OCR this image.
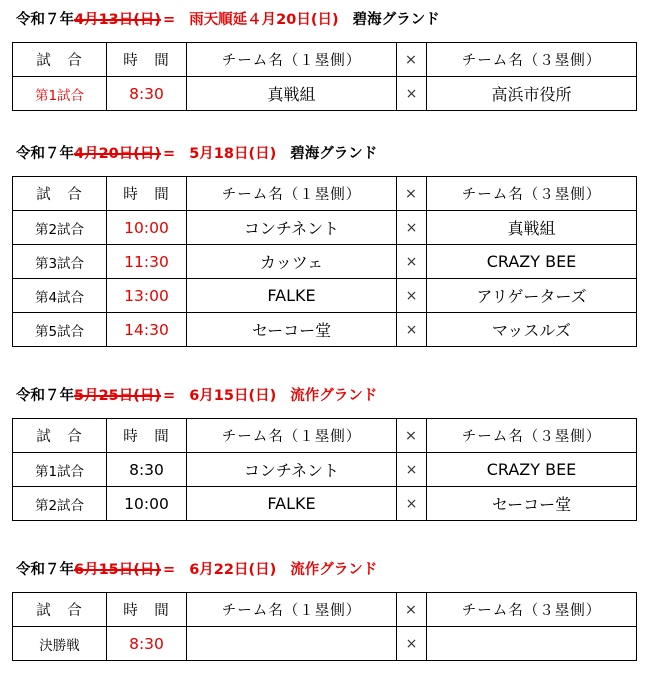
令和７年4月13日(日) = 雨天順延４月20日(日) 碧海グランド
試　合	時　間	チーム名（１塁側）	×	チーム名（３塁側）
第1試合	8:30	真戦組	×	高浜市役所
令和７年4月20日(日) = 5月18日(日) 碧海グランド
試　合	時　間	チーム名（１塁側）	×	チーム名（３塁側）
第2試合	10:00	コンチネント	×	真戦組
第3試合	11:30	カッツェ	×	CRAZY BEE
第4試合	13:00	FALKE	×	アリゲーターズ
第5試合	14:30	セーコー堂	×	マッスルズ
令和７年5月25日(日) = 6月15日(日) 流作グランド
試　合	時　間	チーム名（１塁側）	×	チーム名（３塁側）
第1試合	8:30	コンチネント	×	CRAZY BEE
第2試合	10:00	FALKE	×	セーコー堂
令和７年6月15日(日) = 6月22日(日) 流作グランド
試　合	時　間	チーム名（１塁側）	×	チーム名（３塁側）
決勝戦	8:30		×	
